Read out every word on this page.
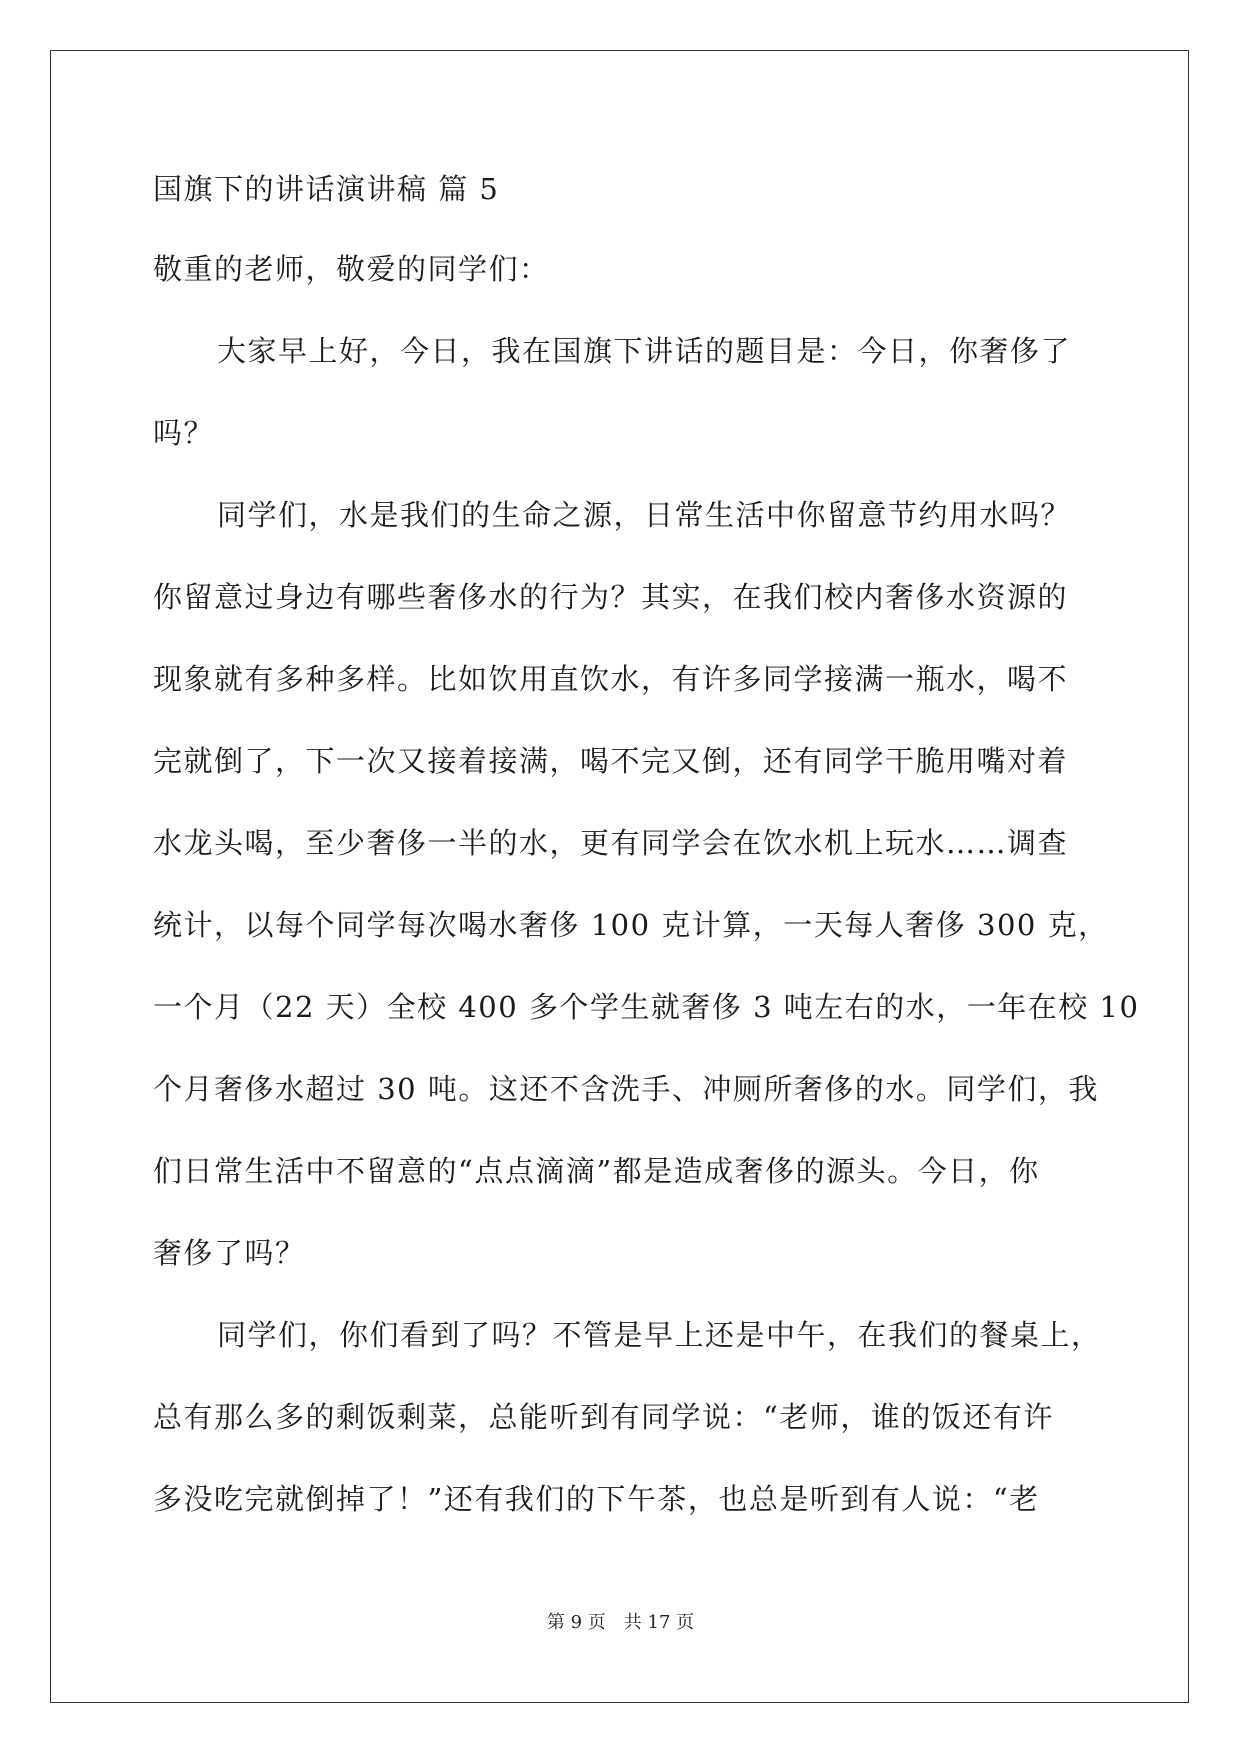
国旗下的讲话演讲稿 篇 5
敬重的老师，敬爱的同学们：
大家早上好，今日，我在国旗下讲话的题目是：今日，你奢侈了
吗？
同学们，水是我们的生命之源，日常生活中你留意节约用水吗？
你留意过身边有哪些奢侈水的行为？其实，在我们校内奢侈水资源的
现象就有多种多样。比如饮用直饮水，有许多同学接满一瓶水，喝不
完就倒了，下一次又接着接满，喝不完又倒，还有同学干脆用嘴对着
水龙头喝，至少奢侈一半的水，更有同学会在饮水机上玩水……调查
统计，以每个同学每次喝水奢侈 100 克计算，一天每人奢侈 300 克，
一个月（22 天）全校 400 多个学生就奢侈 3 吨左右的水，一年在校 10
个月奢侈水超过 30 吨。这还不含洗手、冲厕所奢侈的水。同学们，我
们日常生活中不留意的“点点滴滴”都是造成奢侈的源头。今日，你
奢侈了吗？
同学们，你们看到了吗？不管是早上还是中午，在我们的餐桌上，
总有那么多的剩饭剩菜，总能听到有同学说：“老师，谁的饭还有许
多没吃完就倒掉了！”还有我们的下午茶，也总是听到有人说：“老
第 9 页　共 17 页
